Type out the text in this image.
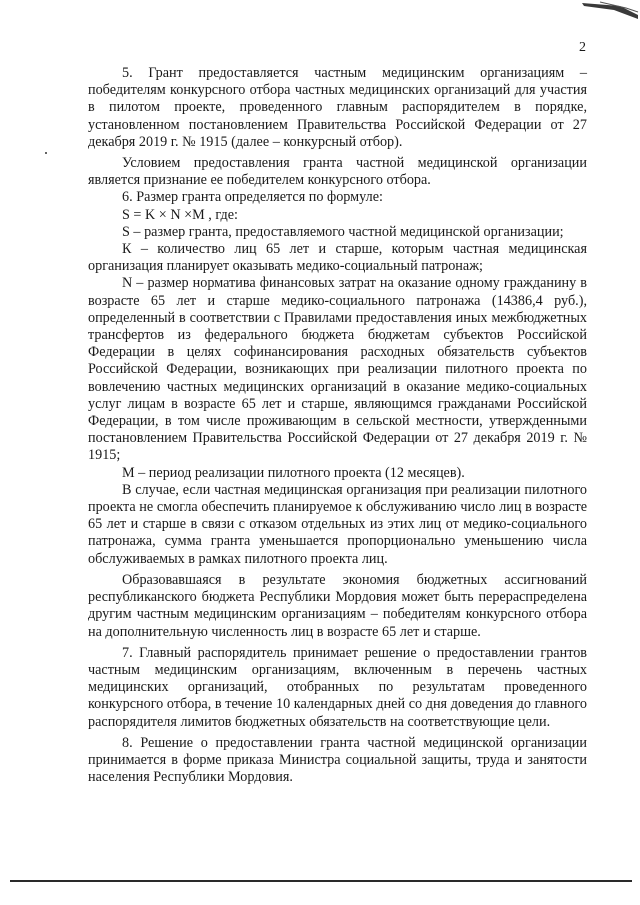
2

5. Грант предоставляется частным медицинским организациям – победителям конкурсного отбора частных медицинских организаций для участия в пилотом проекте, проведенного главным распорядителем в порядке, установленном постановлением Правительства Российской Федерации от 27 декабря 2019 г. № 1915 (далее – конкурсный отбор).

Условием предоставления гранта частной медицинской организации является признание ее победителем конкурсного отбора.

6. Размер гранта определяется по формуле:

S = K × N ×M , где:

S – размер гранта, предоставляемого частной медицинской организации;

К – количество лиц 65 лет и старше, которым частная медицинская организация планирует оказывать медико-социальный патронаж;

N – размер норматива финансовых затрат на оказание одному гражданину в возрасте 65 лет и старше медико-социального патронажа (14386,4 руб.), определенный в соответствии с Правилами предоставления иных межбюджетных трансфертов из федерального бюджета бюджетам субъектов Российской Федерации в целях софинансирования расходных обязательств субъектов Российской Федерации, возникающих при реализации пилотного проекта по вовлечению частных медицинских организаций в оказание медико-социальных услуг лицам в возрасте 65 лет и старше, являющимся гражданами Российской Федерации, в том числе проживающим в сельской местности, утвержденными постановлением Правительства Российской Федерации от 27 декабря 2019 г. № 1915;

М – период реализации пилотного проекта (12 месяцев).

В случае, если частная медицинская организация при реализации пилотного проекта не смогла обеспечить планируемое к обслуживанию число лиц в возрасте 65 лет и старше в связи с отказом отдельных из этих лиц от медико-социального патронажа, сумма гранта уменьшается пропорционально уменьшению числа обслуживаемых в рамках пилотного проекта лиц.

Образовавшаяся в результате экономия бюджетных ассигнований республиканского бюджета Республики Мордовия может быть перераспределена другим частным медицинским организациям – победителям конкурсного отбора на дополнительную численность лиц в возрасте 65 лет и старше.

7. Главный распорядитель принимает решение о предоставлении грантов частным медицинским организациям, включенным в перечень частных медицинских организаций, отобранных по результатам проведенного конкурсного отбора, в течение 10 календарных дней со дня доведения до главного распорядителя лимитов бюджетных обязательств на соответствующие цели.

8. Решение о предоставлении гранта частной медицинской организации принимается в форме приказа Министра социальной защиты, труда и занятости населения Республики Мордовия.
